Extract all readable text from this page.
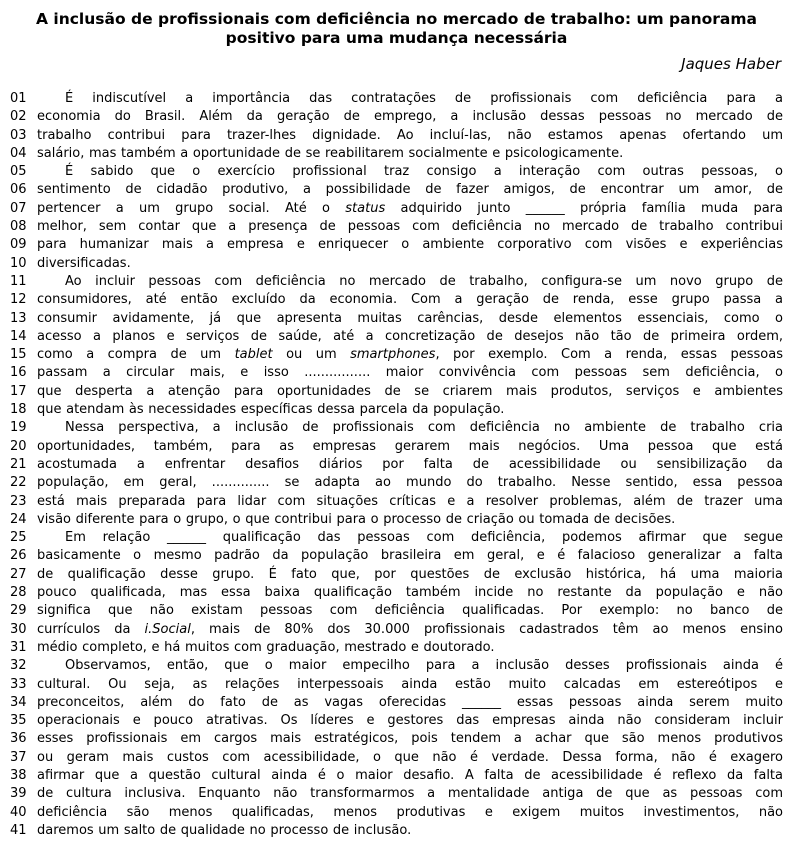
A inclusão de profissionais com deficiência no mercado de trabalho: um panorama
positivo para uma mudança necessária
Jaques Haber
01	É indiscutível a importância das contratações de profissionais com deficiência para a
02 economia do Brasil. Além da geração de emprego, a inclusão dessas pessoas no mercado de
03 trabalho contribui para trazer-lhes dignidade. Ao incluí-las, não estamos apenas ofertando um
04 salário, mas também a oportunidade de se reabilitarem socialmente e psicologicamente.
05	É sabido que o exercício profissional traz consigo a interação com outras pessoas, o
06 sentimento de cidadão produtivo, a possibilidade de fazer amigos, de encontrar um amor, de
07 pertencer a um grupo social. Até o status adquirido junto ______ própria família muda para
08 melhor, sem contar que a presença de pessoas com deficiência no mercado de trabalho contribui
09 para humanizar mais a empresa e enriquecer o ambiente corporativo com visões e experiências
10 diversificadas.
11	Ao incluir pessoas com deficiência no mercado de trabalho, configura-se um novo grupo de
12 consumidores, até então excluído da economia. Com a geração de renda, esse grupo passa a
13 consumir avidamente, já que apresenta muitas carências, desde elementos essenciais, como o
14 acesso a planos e serviços de saúde, até a concretização de desejos não tão de primeira ordem,
15 como a compra de um tablet ou um smartphones, por exemplo. Com a renda, essas pessoas
16 passam a circular mais, e isso ................ maior convivência com pessoas sem deficiência, o
17 que desperta a atenção para oportunidades de se criarem mais produtos, serviços e ambientes
18 que atendam às necessidades específicas dessa parcela da população.
19	Nessa perspectiva, a inclusão de profissionais com deficiência no ambiente de trabalho cria
20 oportunidades, também, para as empresas gerarem mais negócios. Uma pessoa que está
21 acostumada a enfrentar desafios diários por falta de acessibilidade ou sensibilização da
22 população, em geral, .............. se adapta ao mundo do trabalho. Nesse sentido, essa pessoa
23 está mais preparada para lidar com situações críticas e a resolver problemas, além de trazer uma
24 visão diferente para o grupo, o que contribui para o processo de criação ou tomada de decisões.
25	Em relação ______ qualificação das pessoas com deficiência, podemos afirmar que segue
26 basicamente o mesmo padrão da população brasileira em geral, e é falacioso generalizar a falta
27 de qualificação desse grupo. É fato que, por questões de exclusão histórica, há uma maioria
28 pouco qualificada, mas essa baixa qualificação também incide no restante da população e não
29 significa que não existam pessoas com deficiência qualificadas. Por exemplo: no banco de
30 currículos da i.Social, mais de 80% dos 30.000 profissionais cadastrados têm ao menos ensino
31 médio completo, e há muitos com graduação, mestrado e doutorado.
32	Observamos, então, que o maior empecilho para a inclusão desses profissionais ainda é
33 cultural. Ou seja, as relações interpessoais ainda estão muito calcadas em estereótipos e
34 preconceitos, além do fato de as vagas oferecidas ______ essas pessoas ainda serem muito
35 operacionais e pouco atrativas. Os líderes e gestores das empresas ainda não consideram incluir
36 esses profissionais em cargos mais estratégicos, pois tendem a achar que são menos produtivos
37 ou geram mais custos com acessibilidade, o que não é verdade. Dessa forma, não é exagero
38 afirmar que a questão cultural ainda é o maior desafio. A falta de acessibilidade é reflexo da falta
39 de cultura inclusiva. Enquanto não transformarmos a mentalidade antiga de que as pessoas com
40 deficiência são menos qualificadas, menos produtivas e exigem muitos investimentos, não
41 daremos um salto de qualidade no processo de inclusão.
